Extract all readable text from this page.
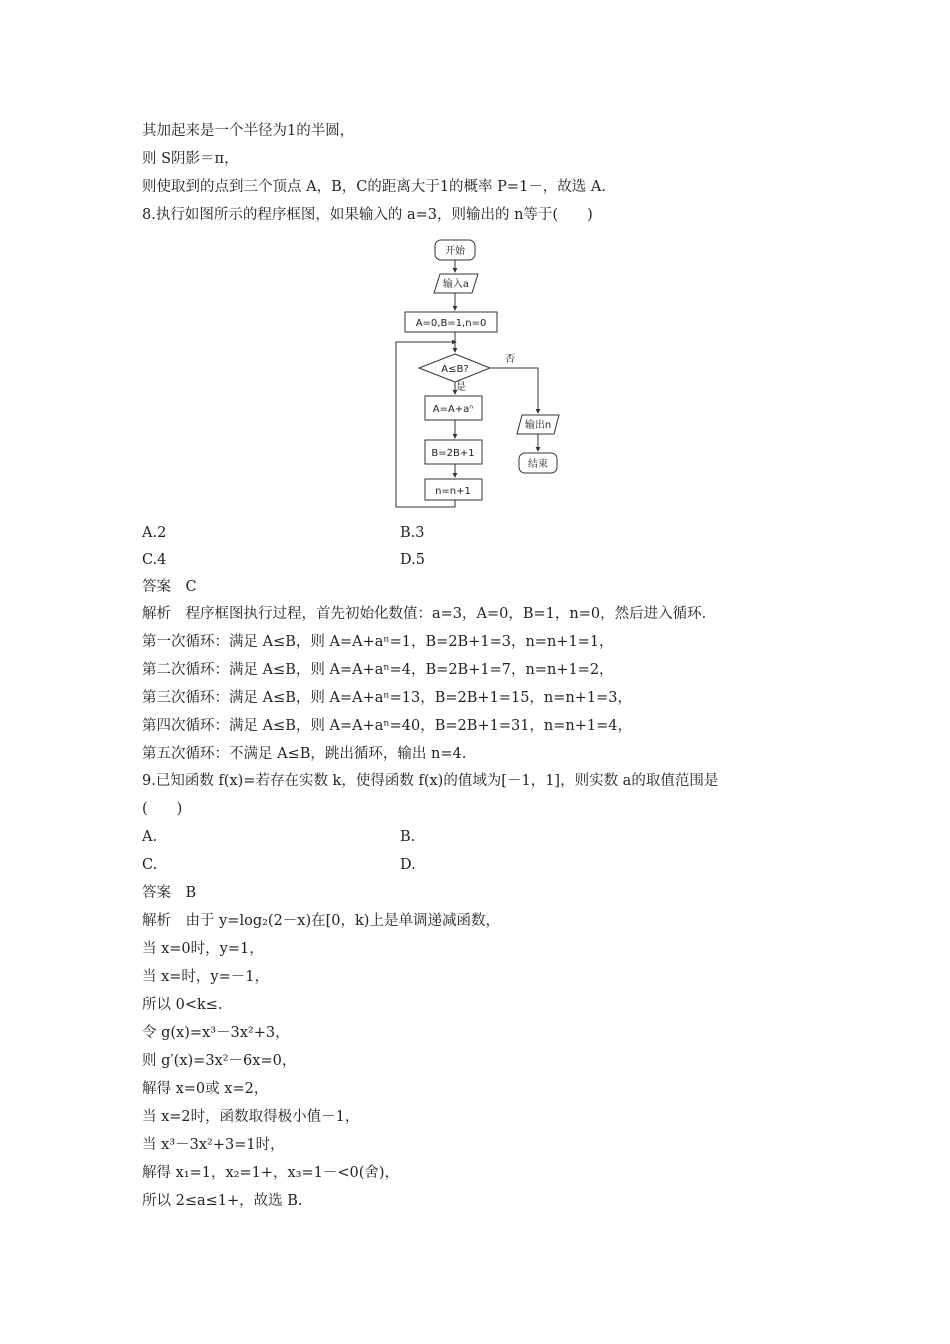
其加起来是一个半径为1的半圆，
则 S阴影＝π，
则使取到的点到三个顶点 A，B，C的距离大于1的概率 P=1－，故选 A.
8.执行如图所示的程序框图，如果输入的 a=3，则输出的 n等于(　　)
开始
输入a
A=0,B=1,n=0
A≤B?
是
否
A=A+aⁿ
B=2B+1
n=n+1
输出n
结束
A.2	B.3
C.4	D.5
答案　C
解析　程序框图执行过程，首先初始化数值：a=3，A=0，B=1，n=0，然后进入循环.
第一次循环：满足 A≤B，则 A=A+aⁿ=1，B=2B+1=3，n=n+1=1，
第二次循环：满足 A≤B，则 A=A+aⁿ=4，B=2B+1=7，n=n+1=2，
第三次循环：满足 A≤B，则 A=A+aⁿ=13，B=2B+1=15，n=n+1=3，
第四次循环：满足 A≤B，则 A=A+aⁿ=40，B=2B+1=31，n=n+1=4，
第五次循环：不满足 A≤B，跳出循环，输出 n=4.
9.已知函数 f(x)=若存在实数 k，使得函数 f(x)的值域为[－1，1]，则实数 a的取值范围是
(　　)
A.	B.
C.	D.
答案　B
解析　由于 y=log₂(2－x)在[0，k)上是单调递减函数，
当 x=0时，y=1，
当 x=时，y=－1，
所以 0<k≤.
令 g(x)=x³－3x²+3，
则 g′(x)=3x²－6x=0，
解得 x=0或 x=2，
当 x=2时，函数取得极小值－1，
当 x³－3x²+3=1时，
解得 x₁=1，x₂=1+，x₃=1－<0(舍)，
所以 2≤a≤1+，故选 B.
